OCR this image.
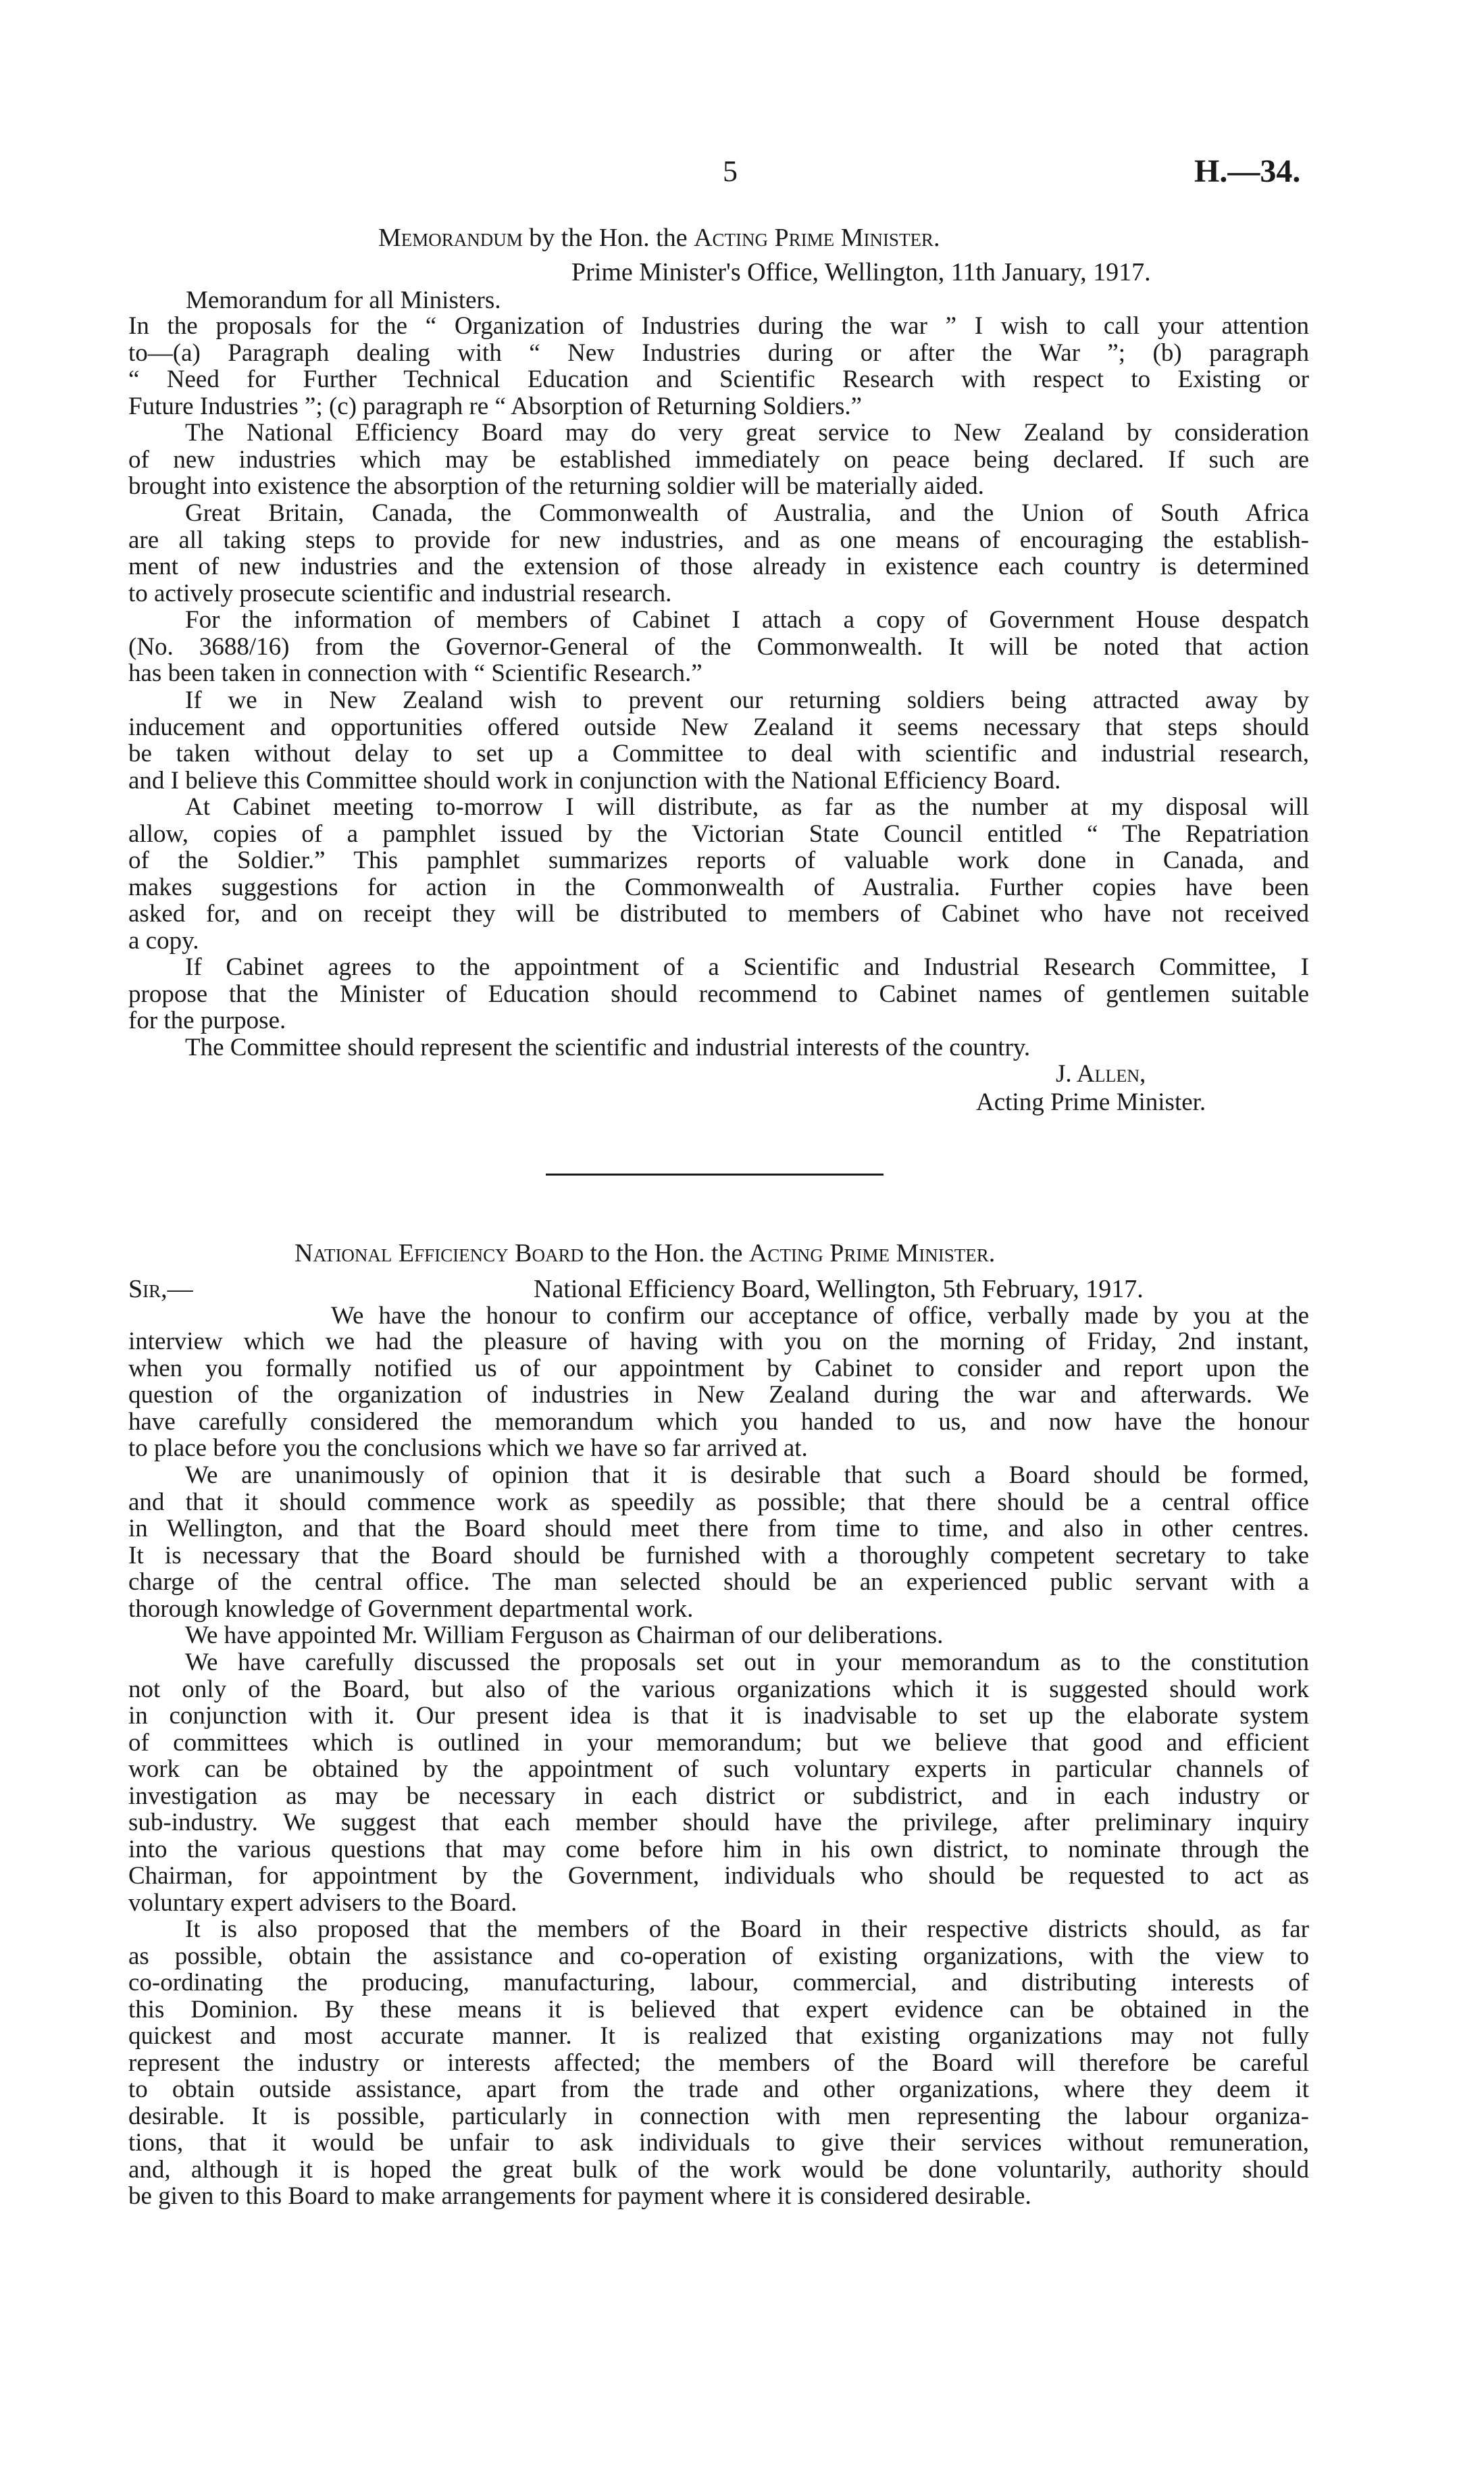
5	H.—34.
Memorandum by the Hon. the Acting Prime Minister.
Prime Minister's Office, Wellington, 11th January, 1917.
Memorandum for all Ministers.
In the proposals for the “ Organization of Industries during the war ” I wish to call your attention
to—(a) Paragraph dealing with “ New Industries during or after the War ”; (b) paragraph
“ Need for Further Technical Education and Scientific Research with respect to Existing or
Future Industries ”; (c) paragraph re “ Absorption of Returning Soldiers.”
The National Efficiency Board may do very great service to New Zealand by consideration
of new industries which may be established immediately on peace being declared. If such are
brought into existence the absorption of the returning soldier will be materially aided.
Great Britain, Canada, the Commonwealth of Australia, and the Union of South Africa
are all taking steps to provide for new industries, and as one means of encouraging the establish-
ment of new industries and the extension of those already in existence each country is determined
to actively prosecute scientific and industrial research.
For the information of members of Cabinet I attach a copy of Government House despatch
(No. 3688/16) from the Governor-General of the Commonwealth. It will be noted that action
has been taken in connection with “ Scientific Research.”
If we in New Zealand wish to prevent our returning soldiers being attracted away by
inducement and opportunities offered outside New Zealand it seems necessary that steps should
be taken without delay to set up a Committee to deal with scientific and industrial research,
and I believe this Committee should work in conjunction with the National Efficiency Board.
At Cabinet meeting to-morrow I will distribute, as far as the number at my disposal will
allow, copies of a pamphlet issued by the Victorian State Council entitled “ The Repatriation
of the Soldier.” This pamphlet summarizes reports of valuable work done in Canada, and
makes suggestions for action in the Commonwealth of Australia. Further copies have been
asked for, and on receipt they will be distributed to members of Cabinet who have not received
a copy.
If Cabinet agrees to the appointment of a Scientific and Industrial Research Committee, I
propose that the Minister of Education should recommend to Cabinet names of gentlemen suitable
for the purpose.
The Committee should represent the scientific and industrial interests of the country.
J. Allen,
Acting Prime Minister.
National Efficiency Board to the Hon. the Acting Prime Minister.
Sir,—	National Efficiency Board, Wellington, 5th February, 1917.
We have the honour to confirm our acceptance of office, verbally made by you at the
interview which we had the pleasure of having with you on the morning of Friday, 2nd instant,
when you formally notified us of our appointment by Cabinet to consider and report upon the
question of the organization of industries in New Zealand during the war and afterwards. We
have carefully considered the memorandum which you handed to us, and now have the honour
to place before you the conclusions which we have so far arrived at.
We are unanimously of opinion that it is desirable that such a Board should be formed,
and that it should commence work as speedily as possible; that there should be a central office
in Wellington, and that the Board should meet there from time to time, and also in other centres.
It is necessary that the Board should be furnished with a thoroughly competent secretary to take
charge of the central office. The man selected should be an experienced public servant with a
thorough knowledge of Government departmental work.
We have appointed Mr. William Ferguson as Chairman of our deliberations.
We have carefully discussed the proposals set out in your memorandum as to the constitution
not only of the Board, but also of the various organizations which it is suggested should work
in conjunction with it. Our present idea is that it is inadvisable to set up the elaborate system
of committees which is outlined in your memorandum; but we believe that good and efficient
work can be obtained by the appointment of such voluntary experts in particular channels of
investigation as may be necessary in each district or subdistrict, and in each industry or
sub-industry. We suggest that each member should have the privilege, after preliminary inquiry
into the various questions that may come before him in his own district, to nominate through the
Chairman, for appointment by the Government, individuals who should be requested to act as
voluntary expert advisers to the Board.
It is also proposed that the members of the Board in their respective districts should, as far
as possible, obtain the assistance and co-operation of existing organizations, with the view to
co-ordinating the producing, manufacturing, labour, commercial, and distributing interests of
this Dominion. By these means it is believed that expert evidence can be obtained in the
quickest and most accurate manner. It is realized that existing organizations may not fully
represent the industry or interests affected; the members of the Board will therefore be careful
to obtain outside assistance, apart from the trade and other organizations, where they deem it
desirable. It is possible, particularly in connection with men representing the labour organiza-
tions, that it would be unfair to ask individuals to give their services without remuneration,
and, although it is hoped the great bulk of the work would be done voluntarily, authority should
be given to this Board to make arrangements for payment where it is considered desirable.
